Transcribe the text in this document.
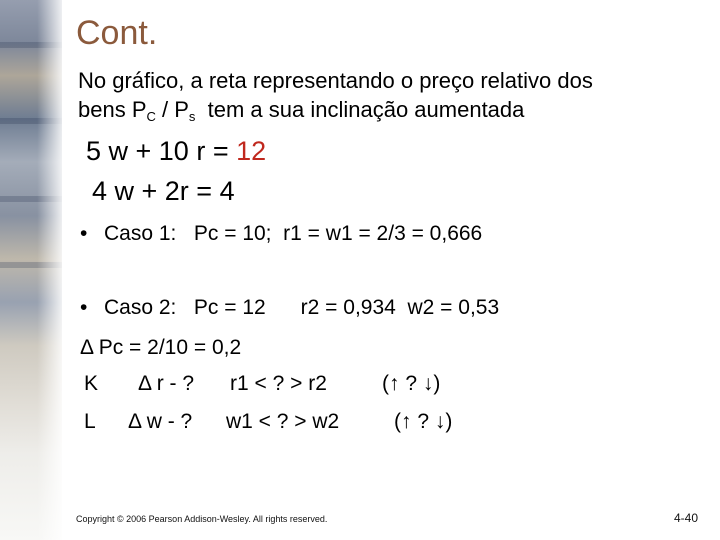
Cont.
No gráfico, a reta representando o preço relativo dos
bens $P_C / P_s$  tem a sua inclinação aumentada
5 w + 10 r = 12
4 w + 2r = 4
• Caso 1:   Pc = 10;  r1 = w1 = 2/3 = 0,666
• Caso 2:   Pc = 12      r2 = 0,934  w2 = 0,53
Δ Pc = 2/10 = 0,2
K Δ r - ? r1 < ? > r2	(↑ ? ↓)
L Δ w - ? w1 < ? > w2	(↑ ? ↓)
Copyright © 2006 Pearson Addison-Wesley. All rights reserved.	4-40
